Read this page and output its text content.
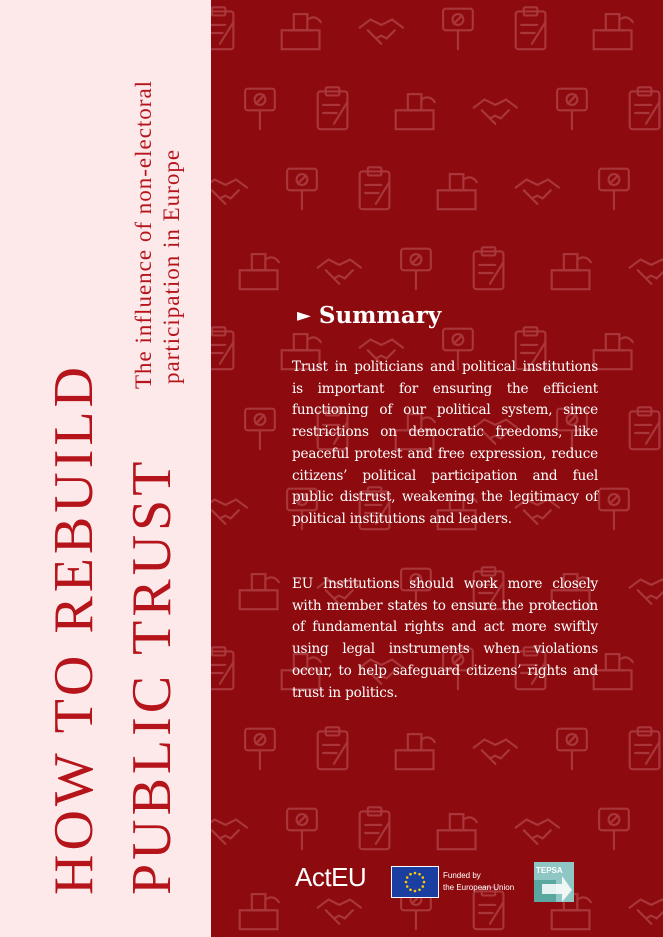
HOW TO REBUILD PUBLIC TRUST
The influence of non-electoral participation in Europe	► Summary

Trust in politicians and political institutions is important for ensuring the efficient functioning of our political system, since restrictions on democratic freedoms, like peaceful protest and free expression, reduce citizens’ political participation and fuel public distrust, weakening the legitimacy of political institutions and leaders.

EU Institutions should work more closely with member states to ensure the protection of fundamental rights and act more swiftly using legal instruments when violations occur, to help safeguard citizens’ rights and trust in politics.

ActEU	Funded by
the European Union
TEPSA
